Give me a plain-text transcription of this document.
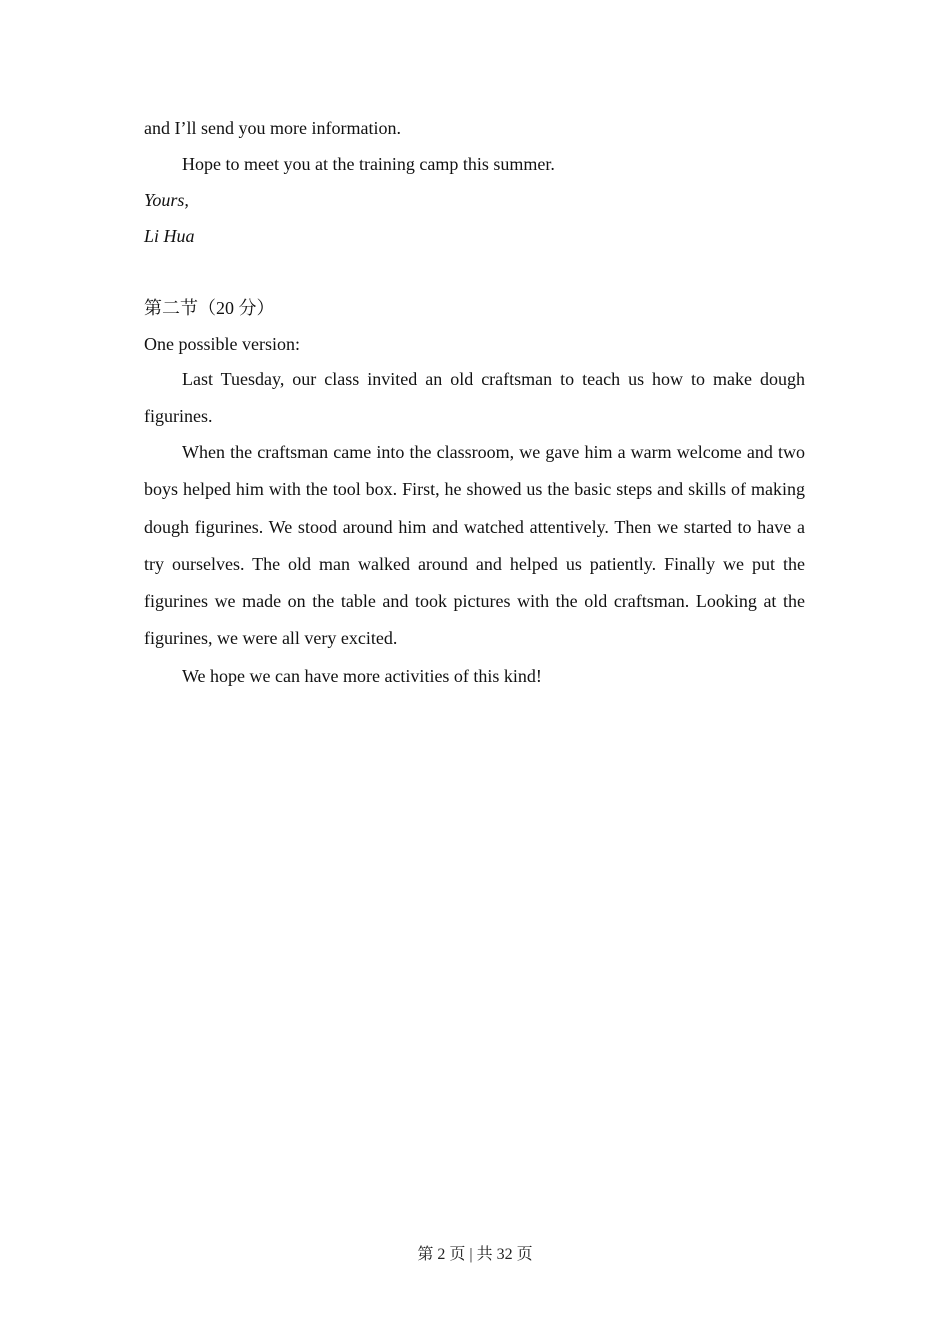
and I’ll send you more information.
Hope to meet you at the training camp this summer.
Yours,
Li Hua
第二节（20 分）
One possible version:
Last Tuesday, our class invited an old craftsman to teach us how to make dough figurines.
When the craftsman came into the classroom, we gave him a warm welcome and two boys helped him with the tool box. First, he showed us the basic steps and skills of making dough figurines. We stood around him and watched attentively. Then we started to have a try ourselves. The old man walked around and helped us patiently. Finally we put the figurines we made on the table and took pictures with the old craftsman. Looking at the figurines, we were all very excited.
We hope we can have more activities of this kind!
第 2 页 | 共 32 页
